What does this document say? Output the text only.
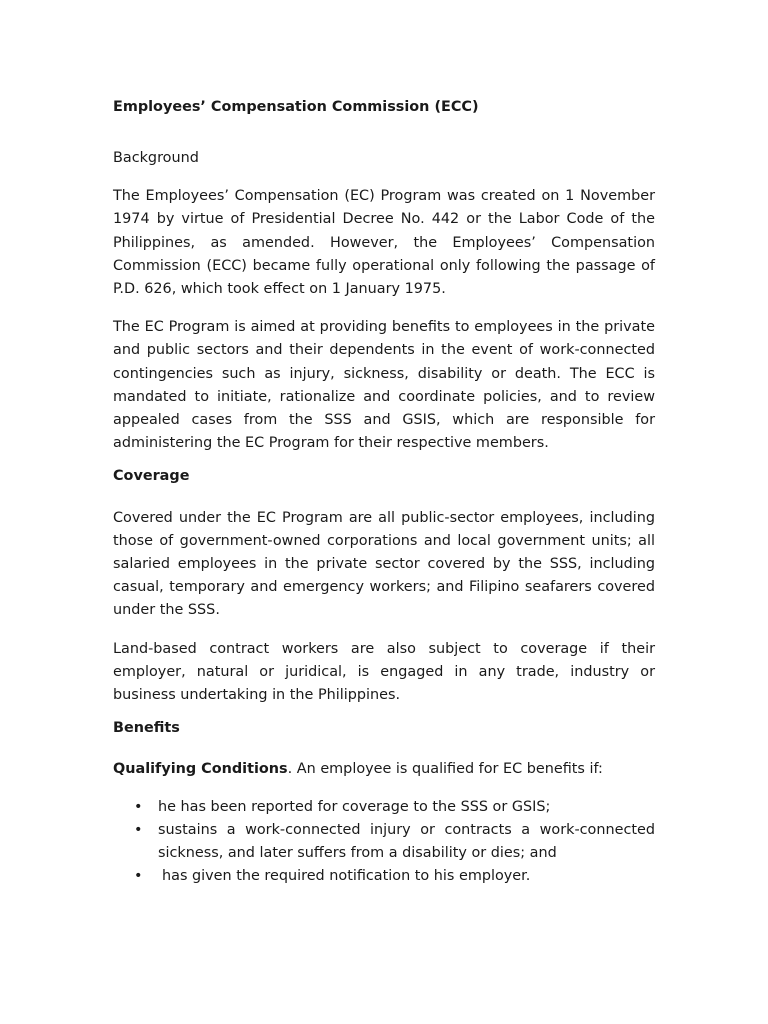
Employees’ Compensation Commission (ECC)
Background

The Employees’ Compensation (EC) Program was created on 1 November 1974 by virtue of Presidential Decree No. 442 or the Labor Code of the Philippines, as amended. However, the Employees’ Compensation Commission (ECC) became fully operational only following the passage of P.D. 626, which took effect on 1 January 1975.

The EC Program is aimed at providing benefits to employees in the private and public sectors and their dependents in the event of work-connected contingencies such as injury, sickness, disability or death. The ECC is mandated to initiate, rationalize and coordinate policies, and to review appealed cases from the SSS and GSIS, which are responsible for administering the EC Program for their respective members.

Coverage

Covered under the EC Program are all public-sector employees, including those of government-owned corporations and local government units; all salaried employees in the private sector covered by the SSS, including casual, temporary and emergency workers; and Filipino seafarers covered under the SSS.

Land-based contract workers are also subject to coverage if their employer, natural or juridical, is engaged in any trade, industry or business undertaking in the Philippines.

Benefits
Qualifying Conditions. An employee is qualified for EC benefits if:
• he has been reported for coverage to the SSS or GSIS;
• sustains a work-connected injury or contracts a work-connected sickness, and later suffers from a disability or dies; and
• has given the required notification to his employer.
